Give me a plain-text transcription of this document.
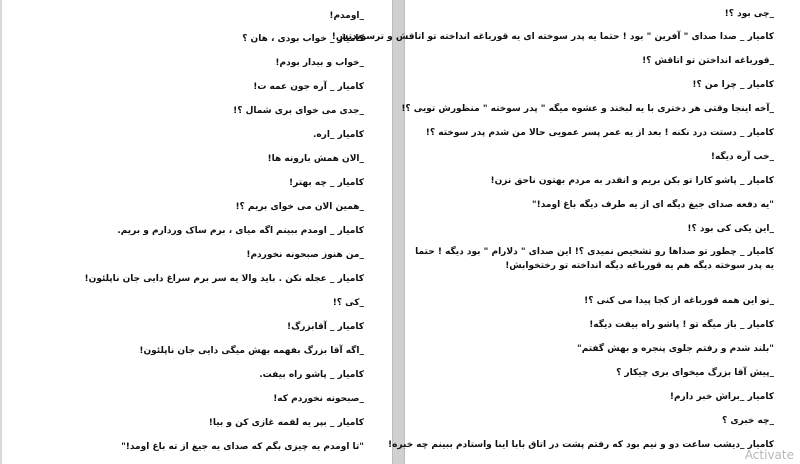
_اومدم!
کامیار _ خواب بودی ، هان ؟
_خواب و بیدار بودم!
کامیار _ آره جون عمه ت!
_جدی می خوای بری شمال ؟!
کامیار _اره.
_الان همش بارونه ها!
کامیار _ چه بهتر!
_همین الان می خوای بریم ؟!
کامیار _ اومدم ببینم اگه میای ، برم ساک وردارم و بریم.
_من هنوز صبحونه نخوردم!
کامیار _ عجله نکن . باید والا یه سر برم سراغ دایی جان ناپلئون!
_کی ؟!
کامیار _ آقابزرگ!
_اگه آقا بزرگ بفهمه بهش میگی دایی جان ناپلئون!
کامیار _ پاشو راه بیفت.
_صبحونه نخوردم که!
کامیار _ بپر یه لقمه غازی کن و بیا!
"تا اومدم یه چیزی بگم که صدای یه جیغ از ته باغ اومد!"
_چی بود ؟!
کامیار _ صدا صدای " آفرین " بود ! حتما یه پدر سوخته ای یه قورباغه انداخته تو اتاقش و ترسوندتش!
_قورباغه انداختن تو اتاقش ؟!
کامیار _ چرا من ؟!
_آخه اینجا وقتی هر دختری با یه لبخند و عشوه میگه " پدر سوخته " منظورش تویی ؟!
کامیار _ دستت درد نکنه ! بعد از یه عمر پسر عمویی حالا من شدم پدر سوخته ؟!
_خب آره دیگه!
کامیار _ پاشو کارا تو بکن بریم و انقدر به مردم بهتون ناحق نزن!
"یه دفعه صدای جیغ دیگه ای از یه طرف دیگه باغ اومد!"
_این یکی کی بود ؟!
کامیار _ چطور تو صداها رو تشخیص نمیدی ؟! این صدای " دلارام " بود دیگه ! حتما یه پدر سوخته دیگه هم یه قورباغه دیگه انداخته تو رختخوابش!
_تو این همه قورباغه از کجا پیدا می کنی ؟!
کامیار _ باز میگه تو ! پاشو راه بیفت دیگه!
"بلند شدم و رفتم جلوی پنجره و بهش گفتم"
_پیش آقا بزرگ میخوای بری چیکار ؟
کامیار _براش خبر دارم!
_چه خبری ؟
کامیار _دیشب ساعت دو و نیم بود که رفتم پشت در اتاق بابا اینا واستادم ببینم چه خبره!
Activate
